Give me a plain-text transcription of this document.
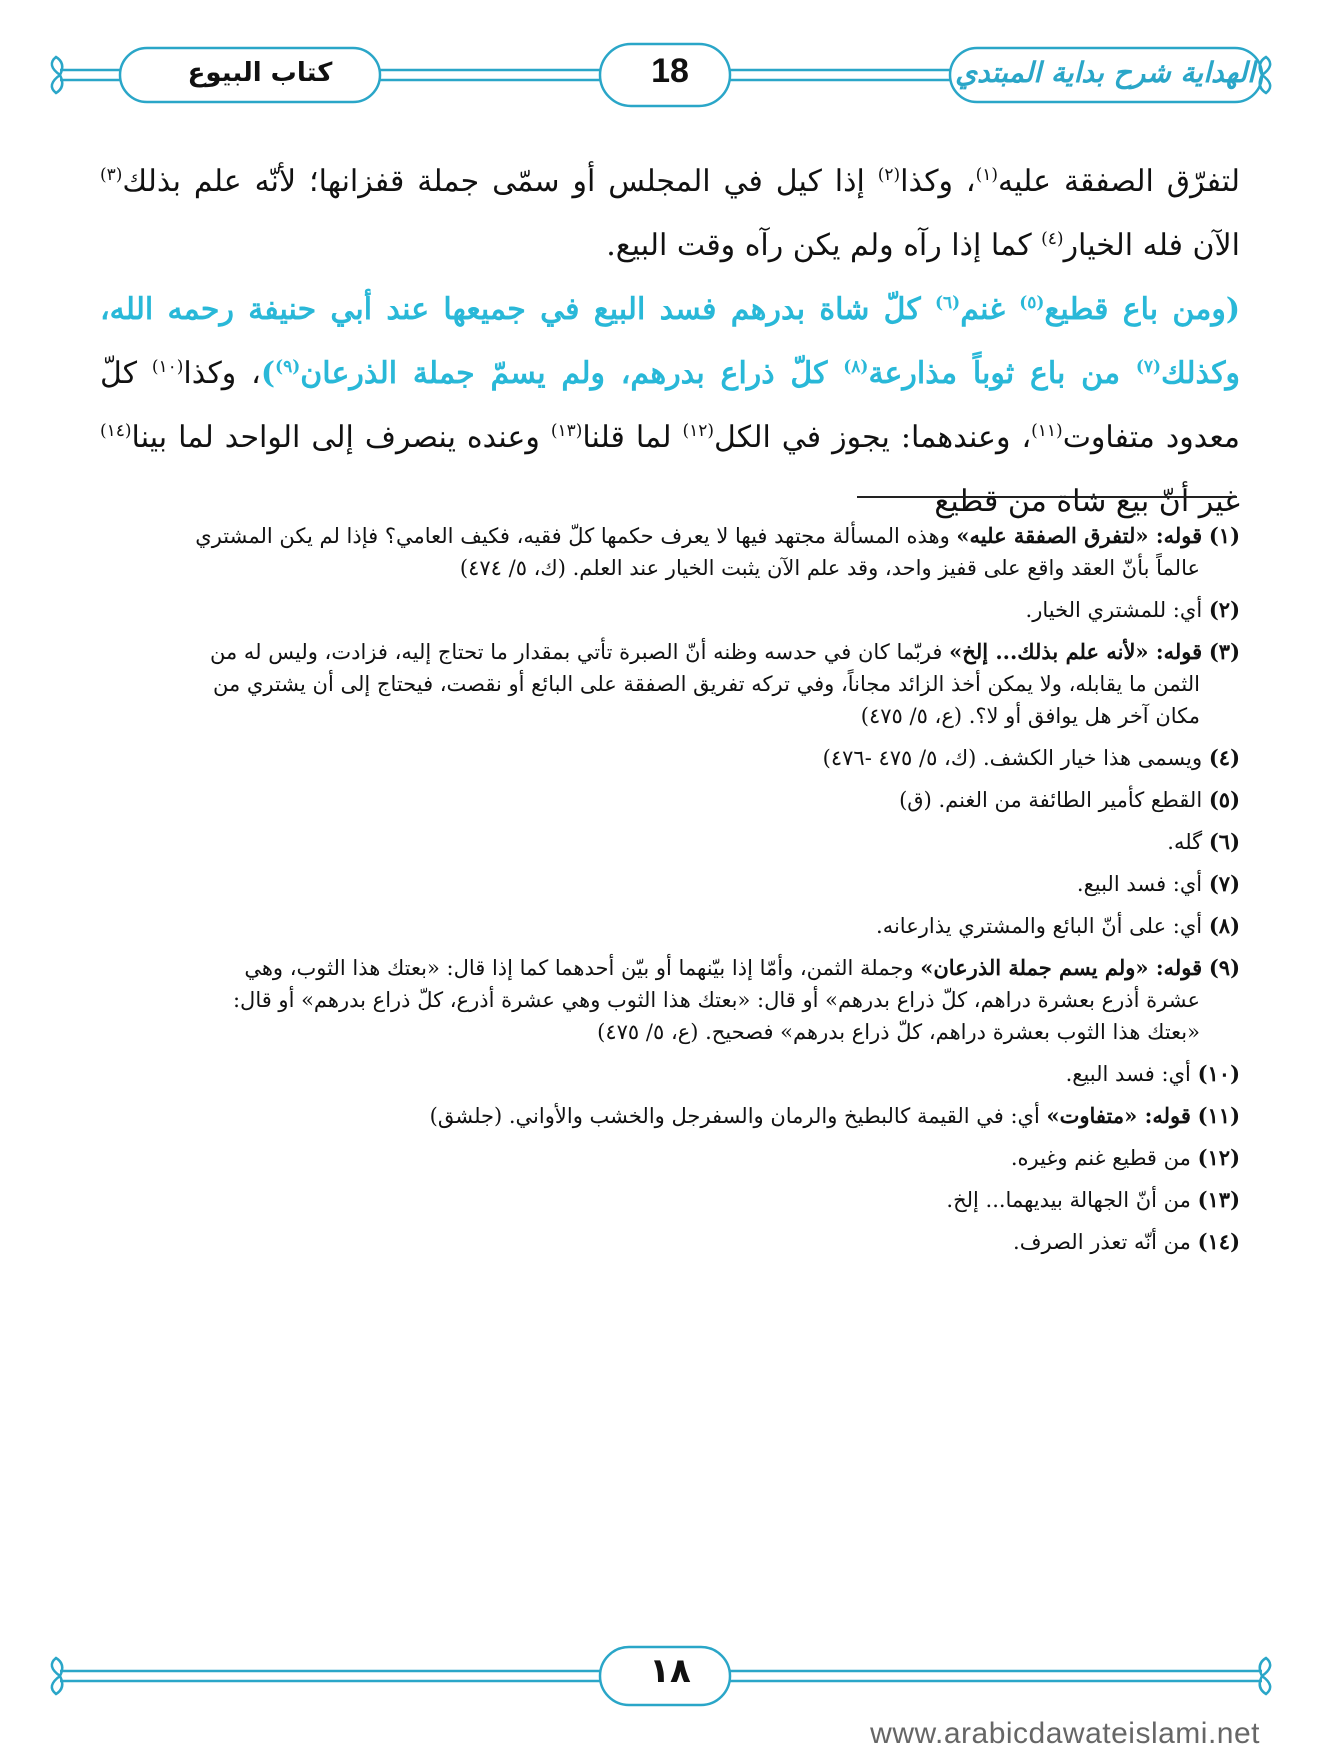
كتاب البيوع	18	الهداية شرح بداية المبتدي

لتفرّق الصفقة عليه$^{(١)}$، وكذا$^{(٢)}$ إذا كيل في المجلس أو سمّى جملة قفزانها؛ لأنّه علم بذلك$^{(٣)}$ الآن فله الخيار$^{(٤)}$ كما إذا رآه ولم يكن رآه وقت البيع.

(ومن باع قطيع$^{(٥)}$ غنم$^{(٦)}$ كلّ شاة بدرهم فسد البيع في جميعها عند أبي حنيفة رحمه الله، وكذلك$^{(٧)}$ من باع ثوباً مذارعة$^{(٨)}$ كلّ ذراع بدرهم، ولم يسمّ جملة الذرعان$^{(٩)}$)، وكذا$^{(١٠)}$ كلّ معدود متفاوت$^{(١١)}$، وعندهما: يجوز في الكل$^{(١٢)}$ لما قلنا$^{(١٣)}$ وعنده ينصرف إلى الواحد لما بينا$^{(١٤)}$ غير أنّ بيع شاة من قطيع

(١) قوله: «لتفرق الصفقة عليه» وهذه المسألة مجتهد فيها لا يعرف حكمها كلّ فقيه، فكيف العامي؟ فإذا لم يكن المشتري
عالماً بأنّ العقد واقع على قفيز واحد، وقد علم الآن يثبت الخيار عند العلم. (ك، ٥/ ٤٧٤)

(٢) أي: للمشتري الخيار.

(٣) قوله: «لأنه علم بذلك... إلخ» فربّما كان في حدسه وظنه أنّ الصبرة تأتي بمقدار ما تحتاج إليه، فزادت، وليس له من
الثمن ما يقابله، ولا يمكن أخذ الزائد مجاناً، وفي تركه تفريق الصفقة على البائع أو نقصت، فيحتاج إلى أن يشتري من
مكان آخر هل يوافق أو لا؟. (ع، ٥/ ٤٧٥)

(٤) ويسمى هذا خيار الكشف. (ك، ٥/ ٤٧٥ -٤٧٦)

(٥) القطع كأمير الطائفة من الغنم. (ق)

(٦) گله.

(٧) أي: فسد البيع.

(٨) أي: على أنّ البائع والمشتري يذارعانه.

(٩) قوله: «ولم يسم جملة الذرعان» وجملة الثمن، وأمّا إذا بيّنهما أو بيّن أحدهما كما إذا قال: «بعتك هذا الثوب، وهي
عشرة أذرع بعشرة دراهم، كلّ ذراع بدرهم» أو قال: «بعتك هذا الثوب وهي عشرة أذرع، كلّ ذراع بدرهم» أو قال:
«بعتك هذا الثوب بعشرة دراهم، كلّ ذراع بدرهم» فصحيح. (ع، ٥/ ٤٧٥)

(١٠) أي: فسد البيع.

(١١) قوله: «متفاوت» أي: في القيمة كالبطيخ والرمان والسفرجل والخشب والأواني. (جلشق)

(١٢) من قطيع غنم وغيره.

(١٣) من أنّ الجهالة بيديهما... إلخ.

(١٤) من أنّه تعذر الصرف.

١٨
www.arabicdawateislami.net
